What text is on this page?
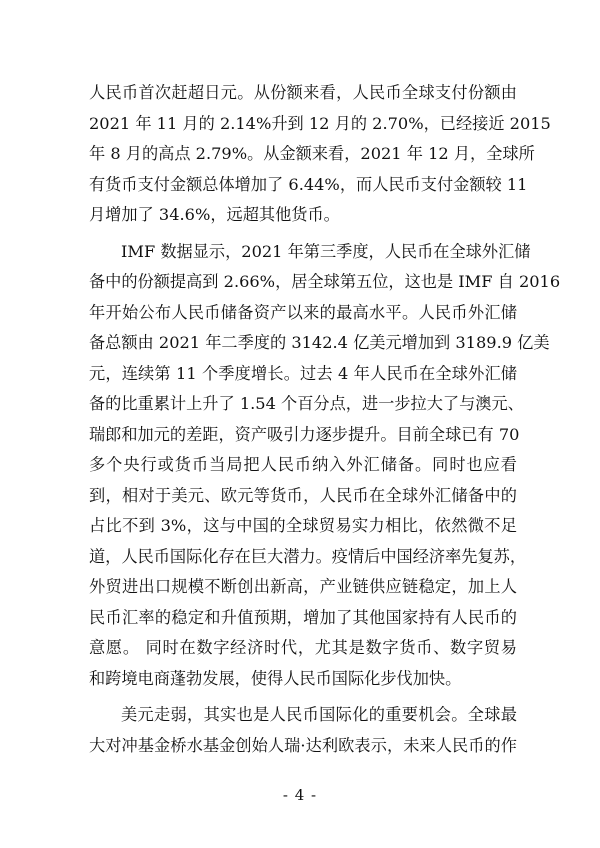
人民币首次赶超日元。从份额来看，人民币全球支付份额由
2021 年 11 月的 2.14%升到 12 月的 2.70%，已经接近 2015
年 8 月的高点 2.79%。从金额来看，2021 年 12 月，全球所
有货币支付金额总体增加了 6.44%，而人民币支付金额较 11
月增加了 34.6%，远超其他货币。
IMF 数据显示，2021 年第三季度，人民币在全球外汇储
备中的份额提高到 2.66%，居全球第五位，这也是 IMF 自 2016
年开始公布人民币储备资产以来的最高水平。人民币外汇储
备总额由 2021 年二季度的 3142.4 亿美元增加到 3189.9 亿美
元，连续第 11 个季度增长。过去 4 年人民币在全球外汇储
备的比重累计上升了 1.54 个百分点，进一步拉大了与澳元、
瑞郎和加元的差距，资产吸引力逐步提升。目前全球已有 70
多个央行或货币当局把人民币纳入外汇储备。同时也应看
到，相对于美元、欧元等货币，人民币在全球外汇储备中的
占比不到 3%，这与中国的全球贸易实力相比，依然微不足
道，人民币国际化存在巨大潜力。疫情后中国经济率先复苏，
外贸进出口规模不断创出新高，产业链供应链稳定，加上人
民币汇率的稳定和升值预期，增加了其他国家持有人民币的
意愿。 同时在数字经济时代，尤其是数字货币、数字贸易
和跨境电商蓬勃发展，使得人民币国际化步伐加快。
美元走弱，其实也是人民币国际化的重要机会。全球最
大对冲基金桥水基金创始人瑞·达利欧表示，未来人民币的作
- 4 -
